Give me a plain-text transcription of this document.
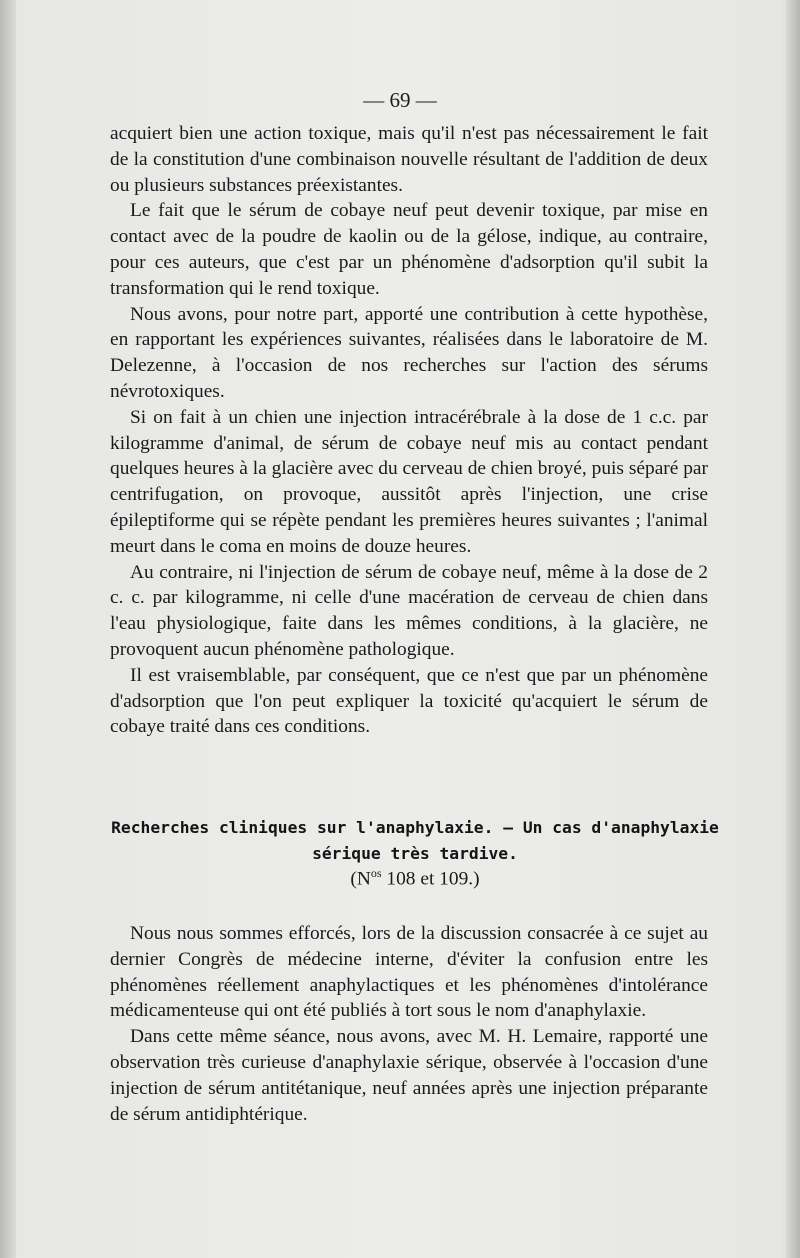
— 69 —

acquiert bien une action toxique, mais qu'il n'est pas nécessairement le fait de la constitution d'une combinaison nouvelle résultant de l'addition de deux ou plusieurs substances préexistantes.

Le fait que le sérum de cobaye neuf peut devenir toxique, par mise en contact avec de la poudre de kaolin ou de la gélose, indique, au contraire, pour ces auteurs, que c'est par un phénomène d'adsorption qu'il subit la transformation qui le rend toxique.

Nous avons, pour notre part, apporté une contribution à cette hypothèse, en rapportant les expériences suivantes, réalisées dans le laboratoire de M. Delezenne, à l'occasion de nos recherches sur l'action des sérums névrotoxiques.

Si on fait à un chien une injection intracérébrale à la dose de 1 c.c. par kilogramme d'animal, de sérum de cobaye neuf mis au contact pendant quelques heures à la glacière avec du cerveau de chien broyé, puis séparé par centrifugation, on provoque, aussitôt après l'injection, une crise épileptiforme qui se répète pendant les premières heures suivantes ; l'animal meurt dans le coma en moins de douze heures.

Au contraire, ni l'injection de sérum de cobaye neuf, même à la dose de 2 c. c. par kilogramme, ni celle d'une macération de cerveau de chien dans l'eau physiologique, faite dans les mêmes conditions, à la glacière, ne provoquent aucun phénomène pathologique.

Il est vraisemblable, par conséquent, que ce n'est que par un phénomène d'adsorption que l'on peut expliquer la toxicité qu'acquiert le sérum de cobaye traité dans ces conditions.

Recherches cliniques sur l'anaphylaxie. — Un cas d'anaphylaxie
sérique très tardive.
($N^{os}$ 108 et 109.)

Nous nous sommes efforcés, lors de la discussion consacrée à ce sujet au dernier Congrès de médecine interne, d'éviter la confusion entre les phénomènes réellement anaphylactiques et les phénomènes d'intolérance médicamenteuse qui ont été publiés à tort sous le nom d'anaphylaxie.

Dans cette même séance, nous avons, avec M. H. Lemaire, rapporté une observation très curieuse d'anaphylaxie sérique, observée à l'occasion d'une injection de sérum antitétanique, neuf années après une injection préparante de sérum antidiphtérique.
